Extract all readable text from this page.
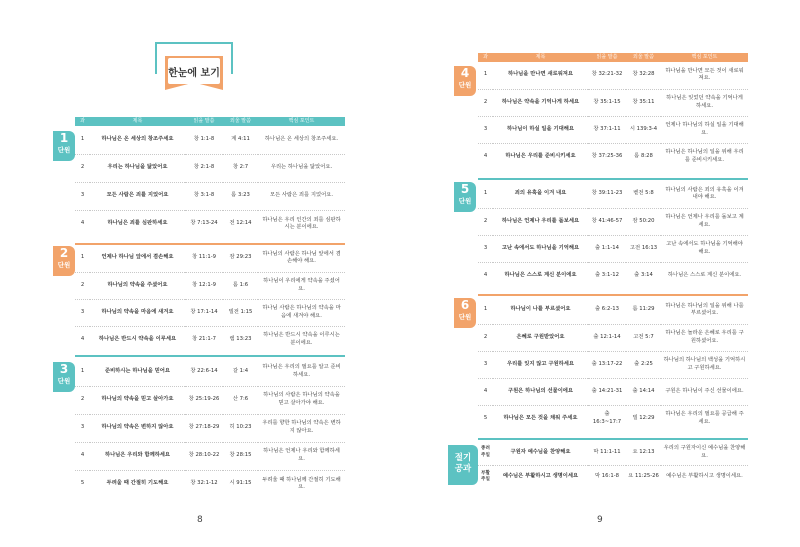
한눈에 보기
과	제목	읽을 말씀	외울 말씀	핵심 포인트
1	하나님은 온 세상의 창조주세요	창 1:1-8	계 4:11	하나님은 온 세상의 창조주세요.
2	우리는 하나님을 닮았어요	창 2:1-8	창 2:7	우리는 하나님을 닮았어요.
3	모든 사람은 죄를 지었어요	창 3:1-8	롬 3:23	모든 사람은 죄를 지었어요.
4	하나님은 죄를 심판하세요	창 7:13-24	전 12:14	하나님은 우리 인간의 죄를 심판하시는 분이에요.
1
단원
1	언제나 하나님 앞에서 겸손해요	창 11:1-9	잠 29:23	하나님의 사람은 하나님 앞에서 겸손해야 해요.
2	하나님의 약속을 주셨어요	창 12:1-9	롬 1:6	하나님이 우리에게 약속을 주셨어요.
3	하나님의 약속을 마음에 새겨요	창 17:1-14	빌전 1:15	하나님 사람은 하나님의 약속을 마음에 새겨야 해요.
4	하나님은 반드시 약속을 이루세요	창 21:1-7	렘 13:23	하나님은 반드시 약속을 이루시는 분이에요.
2
단원
1	준비하시는 하나님을 믿어요	창 22:6-14	갈 1:4	하나님은 우리의 필요를 알고 준비하세요.
2	하나님의 약속을 믿고 살아가요	창 25:19-26	산 7:6	하나님의 사람은 하나님의 약속을 믿고 살아가야 해요.
3	하나님의 약속은 변하지 않아요	창 27:18-29	히 10:23	우리를 향한 하나님의 약속은 변하지 않아요.
4	하나님은 우리와 함께하세요	창 28:10-22	창 28:15	하나님은 언제나 우리와 함께하세요.
5	두려울 때 간절히 기도해요	창 32:1-12	시 91:15	두려울 때 하나님께 간절히 기도해요.
3
단원
8
과	제목	읽을 말씀	외울 말씀	핵심 포인트
1	하나님을 만나면 새로워져요	창 32:21-32	창 32:28	하나님을 만나면 모든 것이 새로워져요.
2	하나님은 약속을 기억나게 하세요	창 35:1-15	창 35:11	하나님은 잊었던 약속을 기억나게 하세요.
3	하나님이 하실 일을 기대해요	창 37:1-11	시 139:3-4	언제나 하나님의 하실 일을 기대해요.
4	하나님은 우리를 준비시키세요	창 37:25-36	롬 8:28	하나님은 하나님의 일을 위해 우리를 준비시키세요.
4
단원
1	죄의 유혹을 이겨 내요	창 39:11-23	벧전 5:8	하나님의 사람은 죄의 유혹을 이겨 내야 해요.
2	하나님은 언제나 우리를 돌보세요	창 41:46-57	잠 50:20	하나님은 언제나 우리를 돌보고 계세요.
3	고난 속에서도 하나님을 기억해요	출 1:1-14	고전 16:13	고난 속에서도 하나님을 기억해야 해요.
4	하나님은 스스로 계신 분이에요	출 3:1-12	출 3:14	하나님은 스스로 계신 분이에요.
5
단원
1	하나님이 나를 부르셨어요	출 6:2-13	롬 11:29	하나님은 하나님의 일을 위해 나를 부르셨어요.
2	은혜로 구원받았어요	출 12:1-14	고전 5:7	하나님은 놀라운 은혜로 우리를 구원하셨어요.
3	우리를 잊지 않고 구원하세요	출 13:17-22	출 2:25	하나님의 하나님의 백성을 기억하시고 구원하세요.
4	구원은 하나님의 선물이에요	출 14:21-31	출 14:14	구원은 하나님이 주신 선물이에요.
5	하나님은 모든 것을 채워 주세요	출 16:3~17:7	빌 12:29	하나님은 우리의 필요를 공급해 주세요.
6
단원
종려 주일	구원자 예수님을 찬양해요	막 11:1-11	요 12:13	우리의 구원자이신 예수님을 찬양해요.
부활 주일	예수님은 부활하시고 생명이세요	막 16:1-8	요 11:25-26	예수님은 부활하시고 생명이세요.
9
절기
공과
